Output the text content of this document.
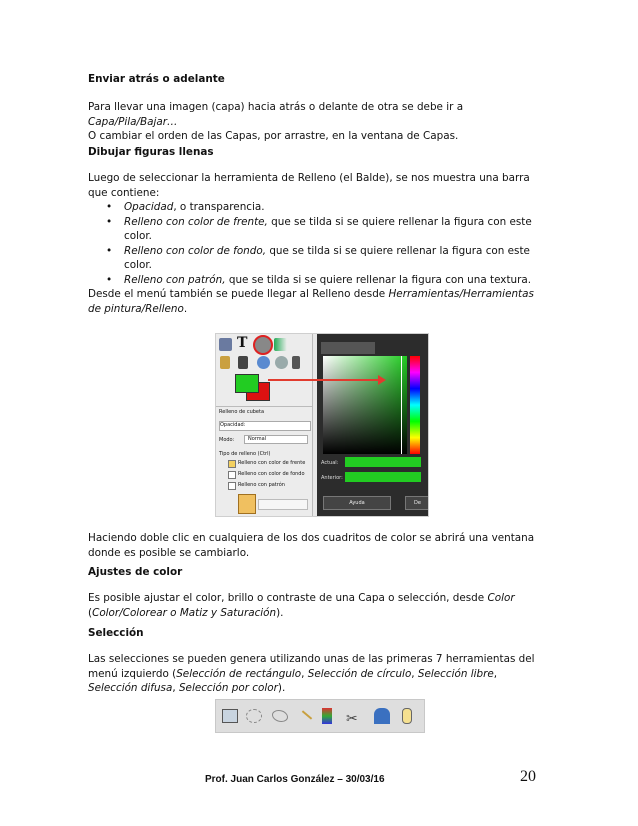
Enviar atrás o adelante
Para llevar una imagen (capa) hacia atrás o delante de otra se debe ir a
Capa/Pila/Bajar…
O cambiar el orden de las Capas, por arrastre, en la ventana de Capas.
Dibujar figuras llenas
Luego de seleccionar la herramienta de Relleno (el Balde), se nos muestra una barra
que contiene:
• Opacidad, o transparencia.
• Relleno con color de frente, que se tilda si se quiere rellenar la figura con este
color.
• Relleno con color de fondo, que se tilda si se quiere rellenar la figura con este
color.
• Relleno con patrón, que se tilda si se quiere rellenar la figura con una textura.
Desde el menú también se puede llegar al Relleno desde Herramientas/Herramientas
de pintura/Relleno.
Haciendo doble clic en cualquiera de los dos cuadritos de color se abrirá una ventana
donde es posible se cambiarlo.
Ajustes de color
Es posible ajustar el color, brillo o contraste de una Capa o selección, desde Color
(Color/Colorear o Matiz y Saturación).
Selección
Las selecciones se pueden genera utilizando unas de las primeras 7 herramientas del
menú izquierdo (Selección de rectángulo, Selección de círculo, Selección libre,
Selección difusa, Selección por color).
T
Relleno de cubeta
Opacidad:
Modo:	Normal
Tipo de relleno (Ctrl)
Relleno con color de frente
Relleno con color de fondo
Relleno con patrón
Actual:
Anterior:
Ayuda	De
✂
Prof. Juan Carlos González – 30/03/16	20
